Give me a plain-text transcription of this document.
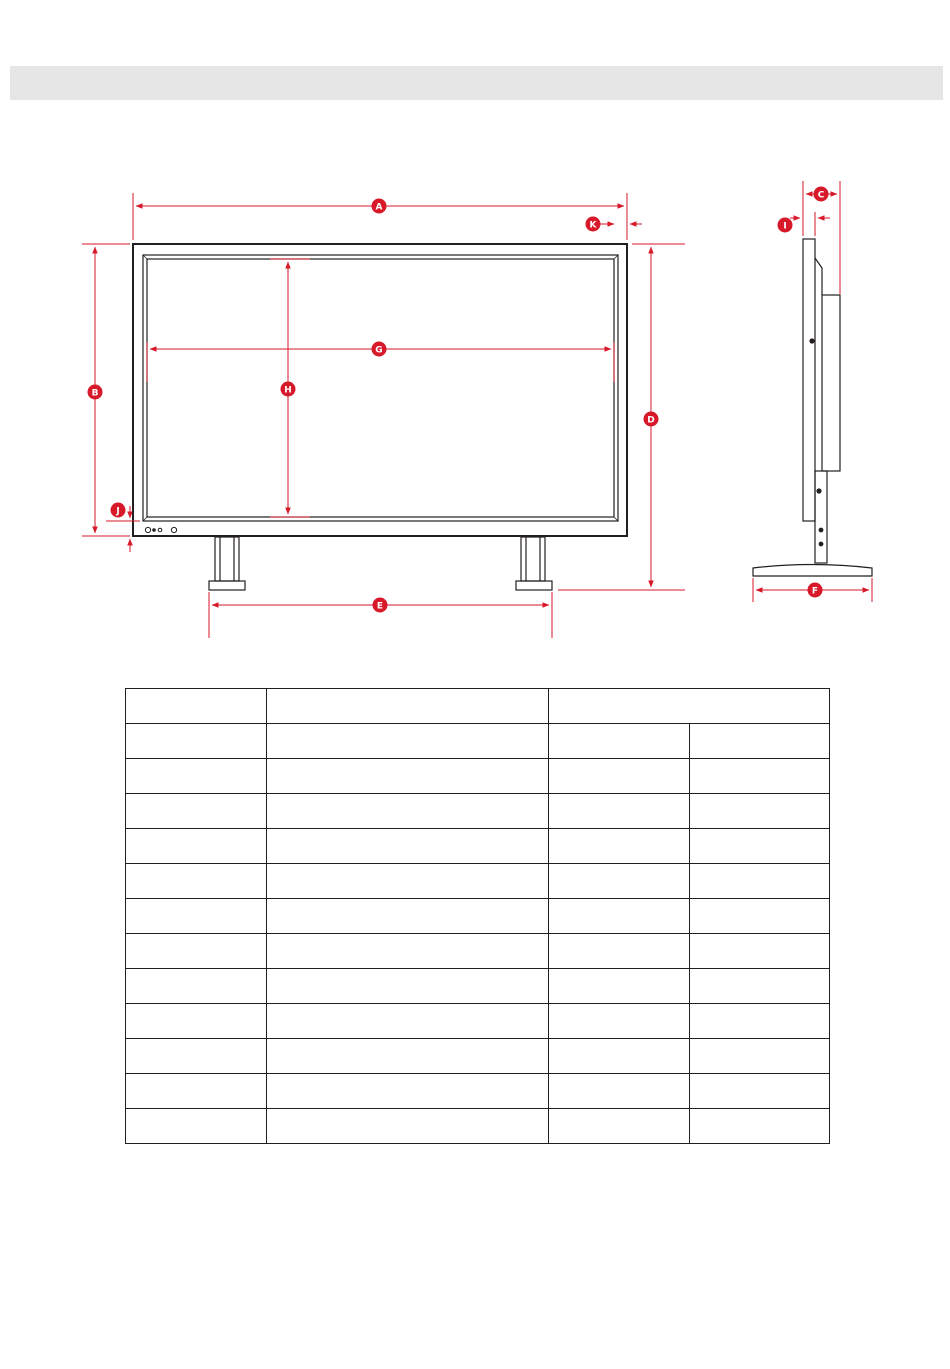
A
K
B
J
D
E
G
H
C
I
F
